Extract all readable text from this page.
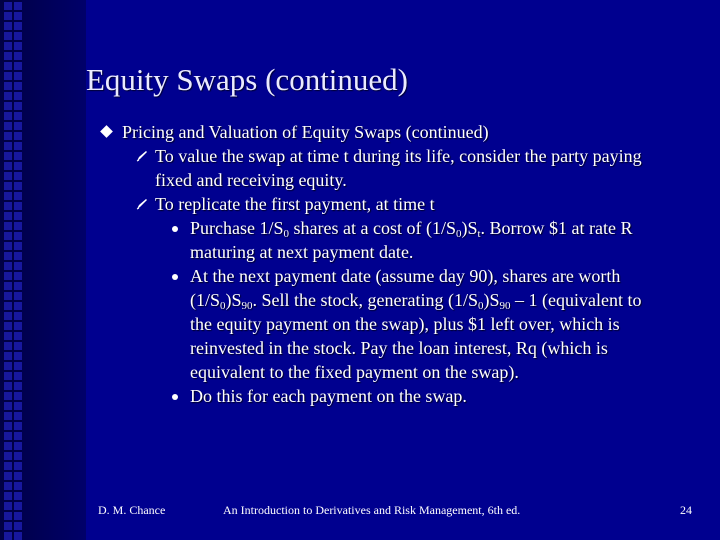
Equity Swaps (continued)
Pricing and Valuation of Equity Swaps (continued)
To value the swap at time t during its life, consider the party paying fixed and receiving equity.
To replicate the first payment, at time t
Purchase $1/S_0$ shares at a cost of $(1/S_0)S_t$. Borrow $1 at rate R maturing at next payment date.
At the next payment date (assume day 90), shares are worth $(1/S_0)S_{90}$. Sell the stock, generating $(1/S_0)S_{90} - 1$ (equivalent to the equity payment on the swap), plus $1 left over, which is reinvested in the stock. Pay the loan interest, Rq (which is equivalent to the fixed payment on the swap).
Do this for each payment on the swap.
D. M. Chance	An Introduction to Derivatives and Risk Management, 6th ed.	24
